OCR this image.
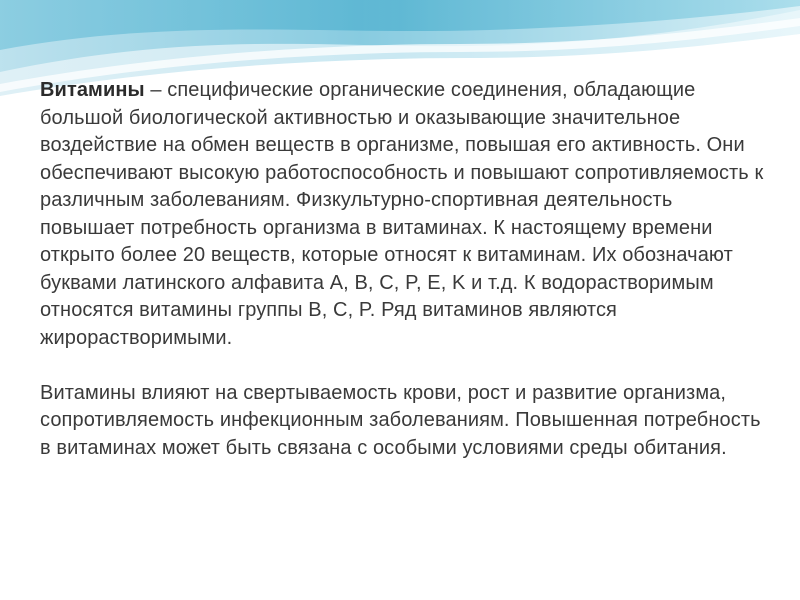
Витамины – специфические органические соединения, обладающие большой биологической активностью и оказывающие значительное воздействие на обмен веществ в организме, повышая его активность. Они обеспечивают высокую работоспособность и повышают сопротивляемость к различным заболеваниям. Физкультурно-спортивная деятельность повышает потребность организма в витаминах. К настоящему времени открыто более 20 веществ, которые относят к витаминам. Их обозначают буквами латинского алфавита A, B, C, P, E, K и т.д. К водорастворимым относятся витамины группы B, C, P. Ряд витаминов являются жирорастворимыми.

Витамины влияют на свертываемость крови, рост и развитие организма, сопротивляемость инфекционным заболеваниям. Повышенная потребность в витаминах может быть связана с особыми условиями среды обитания.
